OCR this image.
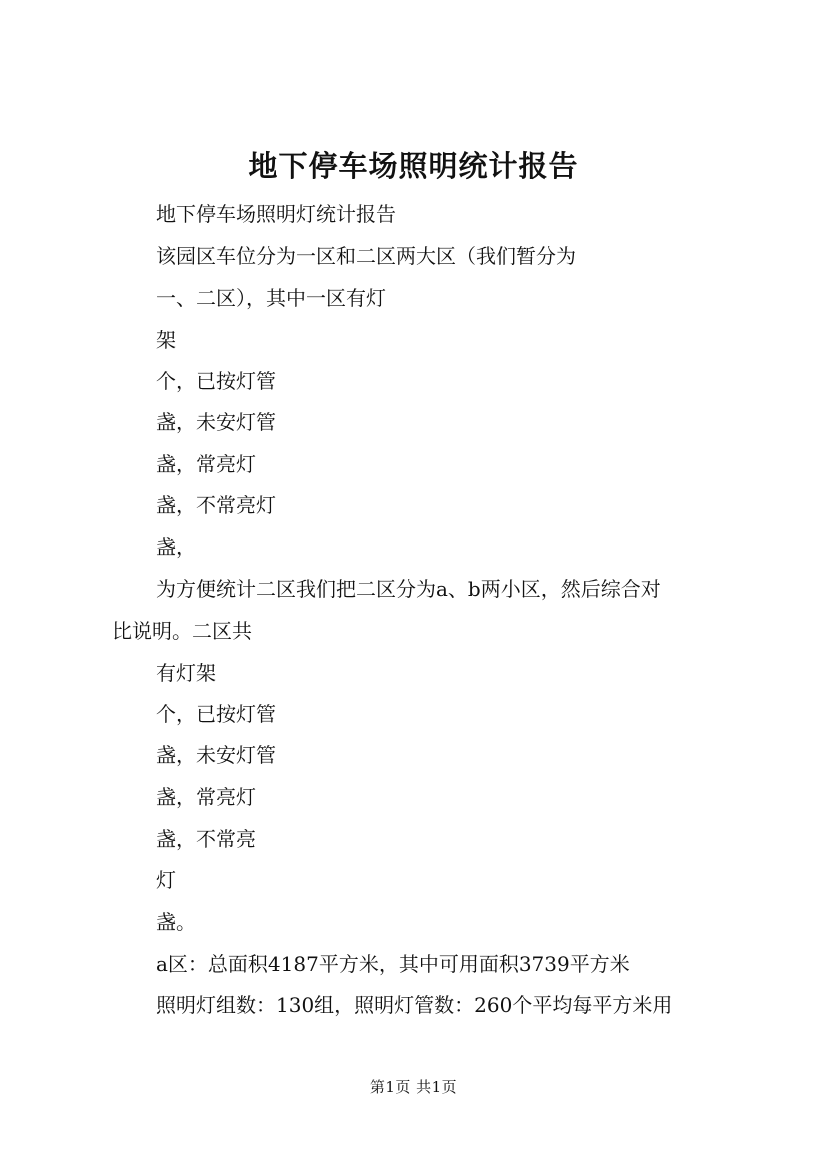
地下停车场照明统计报告
地下停车场照明灯统计报告
该园区车位分为一区和二区两大区（我们暂分为
一、二区），其中一区有灯
架
个，已按灯管
盏，未安灯管
盏，常亮灯
盏，不常亮灯
盏，
为方便统计二区我们把二区分为a、b两小区，然后综合对
比说明。二区共
有灯架
个，已按灯管
盏，未安灯管
盏，常亮灯
盏，不常亮
灯
盏。
a区：总面积4187平方米，其中可用面积3739平方米
照明灯组数：130组，照明灯管数：260个平均每平方米用
第1页 共1页
